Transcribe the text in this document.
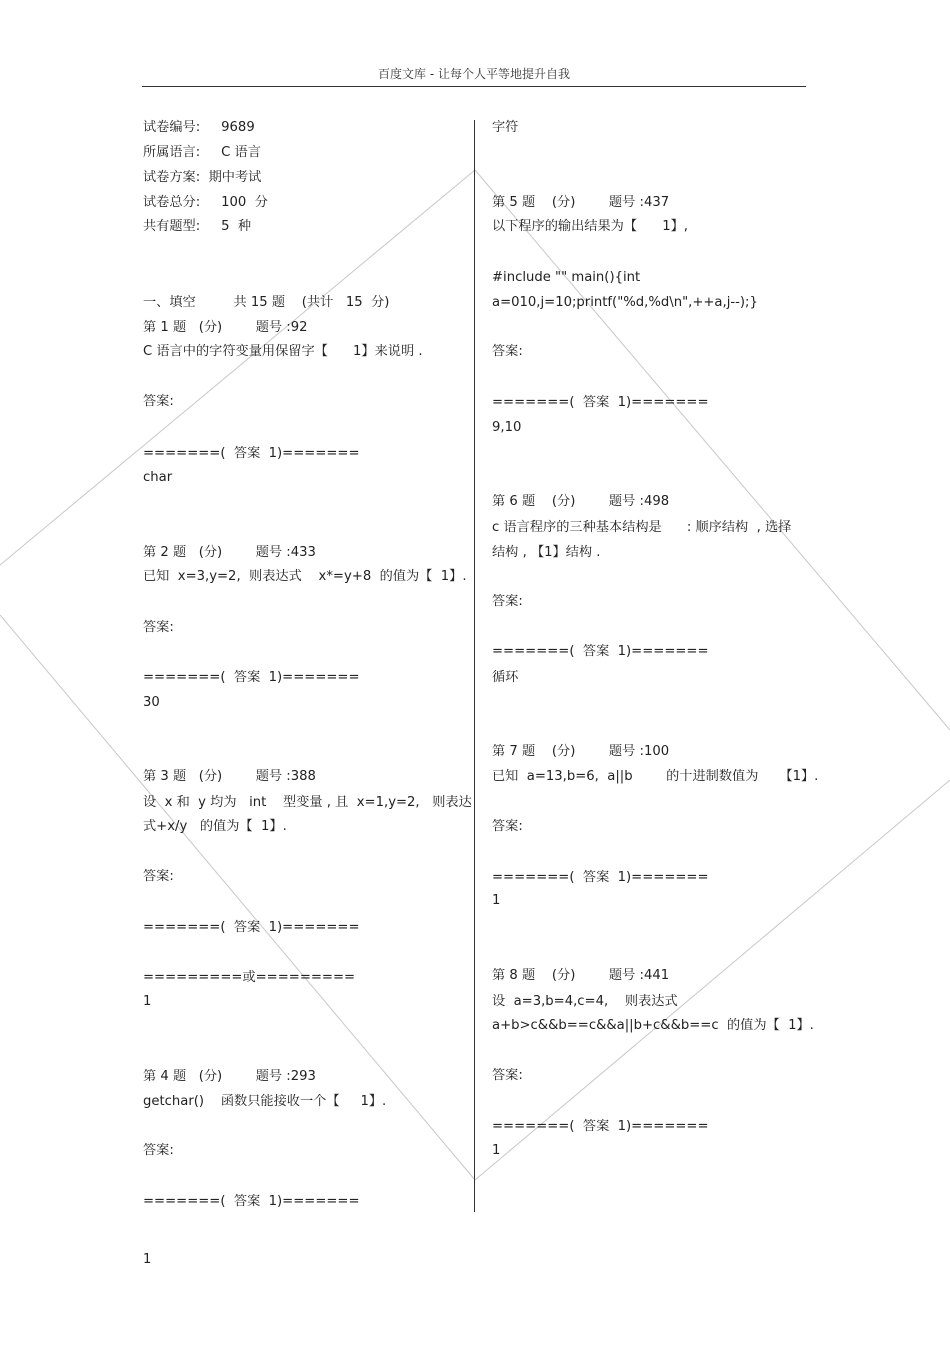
百度文库 - 让每个人平等地提升自我
试卷编号:     9689
所属语言:     C 语言
试卷方案:  期中考试
试卷总分:     100  分
共有题型:     5  种
一、填空         共 15 题    (共计   15  分)
第 1 题   (分)        题号 :92
C 语言中的字符变量用保留字【      1】来说明 .
答案:
=======(  答案  1)=======
char
第 2 题   (分)        题号 :433
已知  x=3,y=2,  则表达式    x*=y+8  的值为【  1】.
答案:
=======(  答案  1)=======
30
第 3 题   (分)        题号 :388
设  x 和  y 均为   int    型变量 , 且  x=1,y=2,   则表达
式+x/y   的值为【  1】.
答案:
=======(  答案  1)=======
=========或=========
1
第 4 题   (分)        题号 :293
getchar()    函数只能接收一个【     1】.
答案:
=======(  答案  1)=======
字符
第 5 题    (分)        题号 :437
以下程序的输出结果为【      1】,
#include "" main(){int
a=010,j=10;printf("%d,%d\n",++a,j--);}
答案:
=======(  答案  1)=======
9,10
第 6 题    (分)        题号 :498
c 语言程序的三种基本结构是      : 顺序结构  , 选择
结构 , 【1】结构 .
答案:
=======(  答案  1)=======
循环
第 7 题    (分)        题号 :100
已知  a=13,b=6,  a||b        的十进制数值为     【1】.
答案:
=======(  答案  1)=======
1
第 8 题    (分)        题号 :441
设  a=3,b=4,c=4,    则表达式
a+b>c&&b==c&&a||b+c&&b==c  的值为【  1】.
答案:
=======(  答案  1)=======
1
1
